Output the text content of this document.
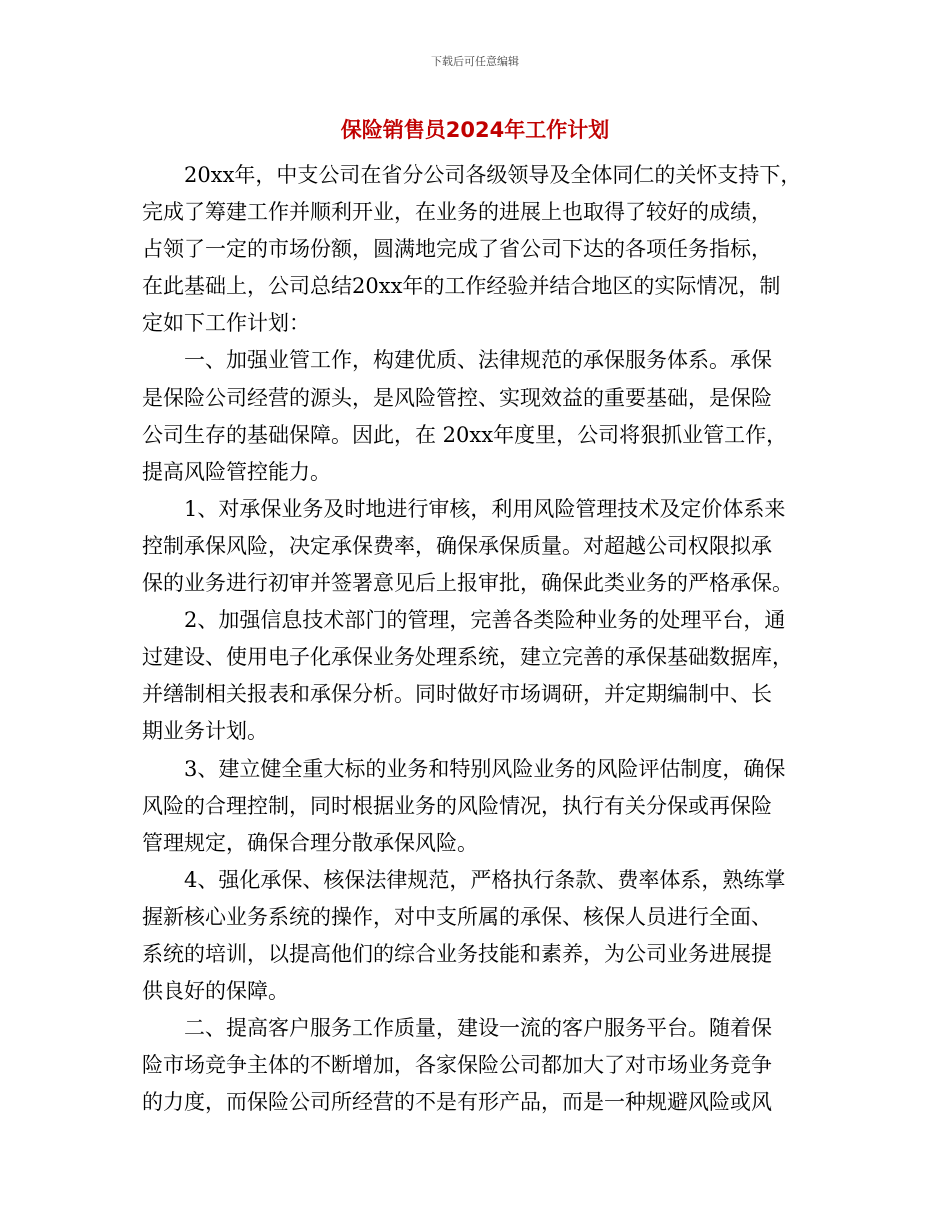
下载后可任意编辑
保险销售员2024年工作计划

20xx年，中支公司在省分公司各级领导及全体同仁的关怀支持下，
完成了筹建工作并顺利开业，在业务的进展上也取得了较好的成绩，
占领了一定的市场份额，圆满地完成了省公司下达的各项任务指标，
在此基础上，公司总结20xx年的工作经验并结合地区的实际情况，制
定如下工作计划：

一、加强业管工作，构建优质、法律规范的承保服务体系。承保
是保险公司经营的源头，是风险管控、实现效益的重要基础，是保险
公司生存的基础保障。因此，在 20xx年度里，公司将狠抓业管工作，
提高风险管控能力。

1、对承保业务及时地进行审核，利用风险管理技术及定价体系来
控制承保风险，决定承保费率，确保承保质量。对超越公司权限拟承
保的业务进行初审并签署意见后上报审批，确保此类业务的严格承保。

2、加强信息技术部门的管理，完善各类险种业务的处理平台，通
过建设、使用电子化承保业务处理系统，建立完善的承保基础数据库，
并缮制相关报表和承保分析。同时做好市场调研，并定期编制中、长
期业务计划。

3、建立健全重大标的业务和特别风险业务的风险评估制度，确保
风险的合理控制，同时根据业务的风险情况，执行有关分保或再保险
管理规定，确保合理分散承保风险。

4、强化承保、核保法律规范，严格执行条款、费率体系，熟练掌
握新核心业务系统的操作，对中支所属的承保、核保人员进行全面、
系统的培训，以提高他们的综合业务技能和素养，为公司业务进展提
供良好的保障。

二、提高客户服务工作质量，建设一流的客户服务平台。随着保
险市场竞争主体的不断增加，各家保险公司都加大了对市场业务竞争
的力度，而保险公司所经营的不是有形产品，而是一种规避风险或风
